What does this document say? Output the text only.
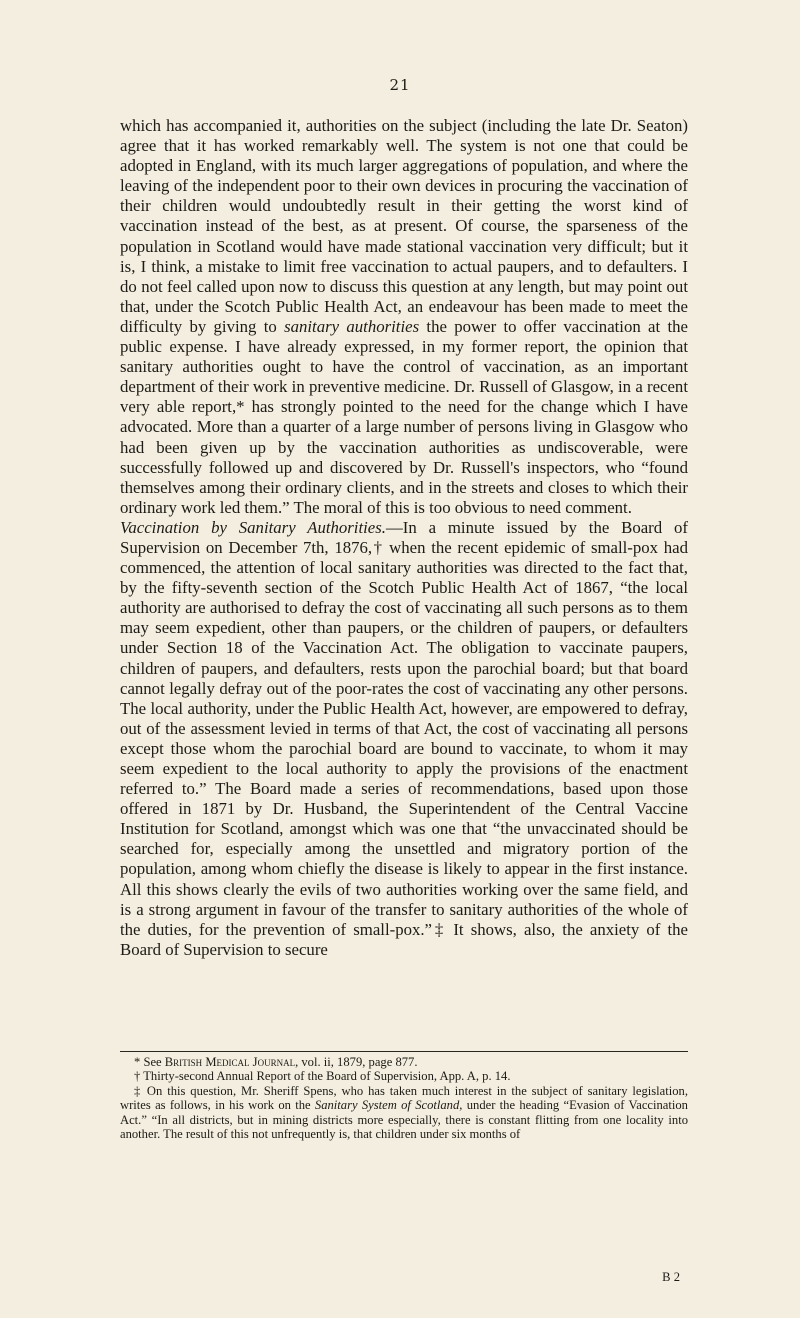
21
which has accompanied it, authorities on the subject (including the late Dr. Seaton) agree that it has worked remarkably well. The system is not one that could be adopted in England, with its much larger aggregations of population, and where the leaving of the independent poor to their own devices in procuring the vaccination of their children would undoubtedly result in their getting the worst kind of vaccination instead of the best, as at present. Of course, the sparseness of the population in Scotland would have made stational vaccination very difficult; but it is, I think, a mistake to limit free vaccination to actual paupers, and to defaulters. I do not feel called upon now to discuss this question at any length, but may point out that, under the Scotch Public Health Act, an endeavour has been made to meet the difficulty by giving to sanitary authorities the power to offer vaccination at the public expense. I have already expressed, in my former report, the opinion that sanitary authorities ought to have the control of vaccination, as an important department of their work in preventive medicine. Dr. Russell of Glasgow, in a recent very able report,* has strongly pointed to the need for the change which I have advocated. More than a quarter of a large number of persons living in Glasgow who had been given up by the vaccination authorities as undiscoverable, were successfully followed up and discovered by Dr. Russell's inspectors, who “found themselves among their ordinary clients, and in the streets and closes to which their ordinary work led them.” The moral of this is too obvious to need comment.
Vaccination by Sanitary Authorities.—In a minute issued by the Board of Supervision on December 7th, 1876,† when the recent epidemic of small-pox had commenced, the attention of local sanitary authorities was directed to the fact that, by the fifty-seventh section of the Scotch Public Health Act of 1867, “the local authority are authorised to defray the cost of vaccinating all such persons as to them may seem expedient, other than paupers, or the children of paupers, or defaulters under Section 18 of the Vaccination Act. The obligation to vaccinate paupers, children of paupers, and defaulters, rests upon the parochial board; but that board cannot legally defray out of the poor-rates the cost of vaccinating any other persons. The local authority, under the Public Health Act, however, are empowered to defray, out of the assessment levied in terms of that Act, the cost of vaccinating all persons except those whom the parochial board are bound to vaccinate, to whom it may seem expedient to the local authority to apply the provisions of the enactment referred to.” The Board made a series of recommendations, based upon those offered in 1871 by Dr. Husband, the Superintendent of the Central Vaccine Institution for Scotland, amongst which was one that “the unvaccinated should be searched for, especially among the unsettled and migratory portion of the population, among whom chiefly the disease is likely to appear in the first instance. All this shows clearly the evils of two authorities working over the same field, and is a strong argument in favour of the transfer to sanitary authorities of the whole of the duties, for the prevention of small-pox.”‡ It shows, also, the anxiety of the Board of Supervision to secure

* See British Medical Journal, vol. ii, 1879, page 877.

† Thirty-second Annual Report of the Board of Supervision, App. A, p. 14.

‡ On this question, Mr. Sheriff Spens, who has taken much interest in the subject of sanitary legislation, writes as follows, in his work on the Sanitary System of Scotland, under the heading “Evasion of Vaccination Act.” “In all districts, but in mining districts more especially, there is constant flitting from one locality into another. The result of this not unfrequently is, that children under six months of

B 2
